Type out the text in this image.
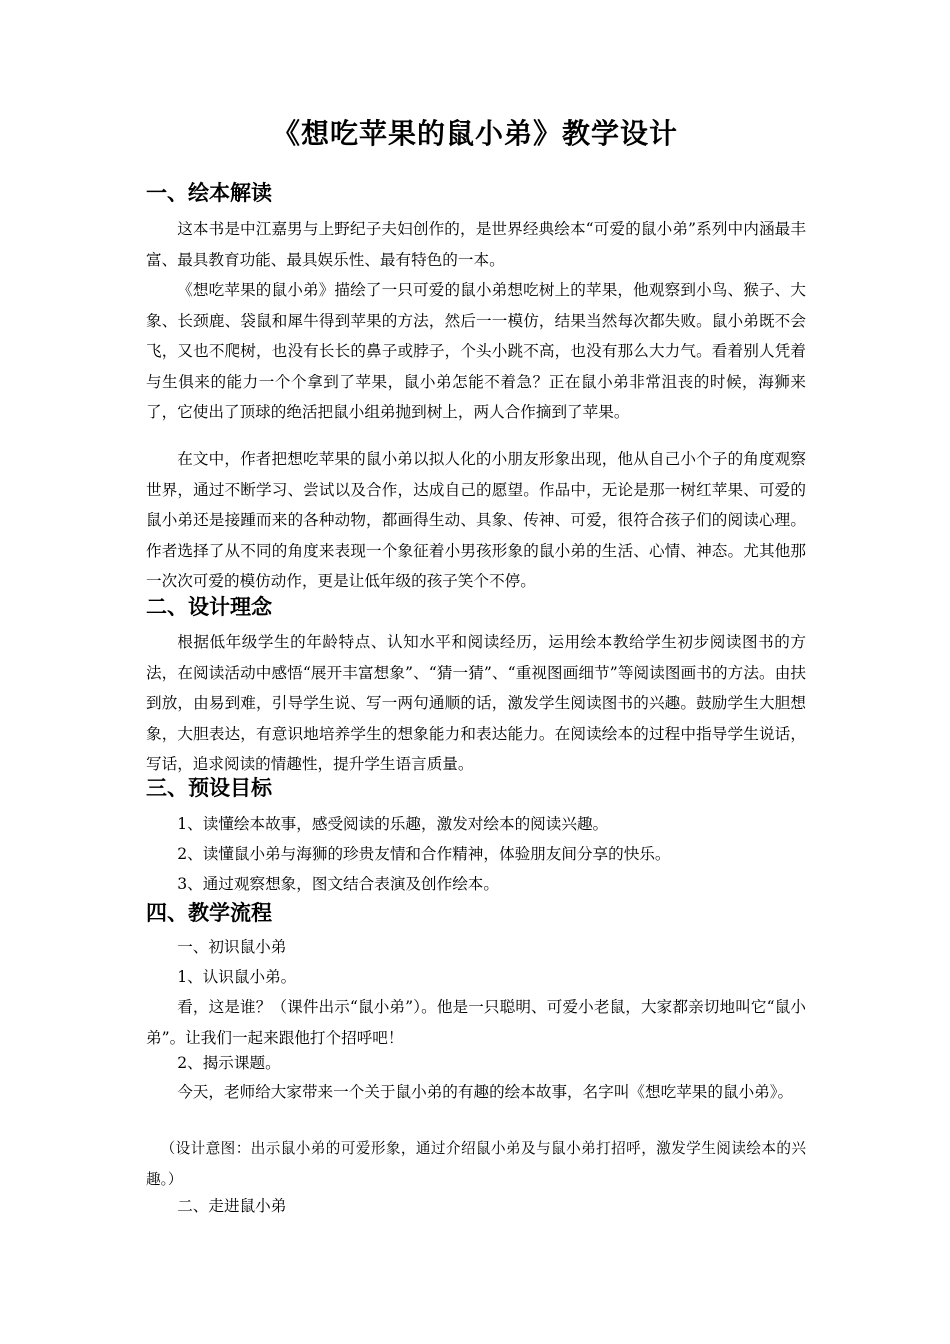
《想吃苹果的鼠小弟》教学设计
一、绘本解读
这本书是中江嘉男与上野纪子夫妇创作的，是世界经典绘本“可爱的鼠小弟”系列中内涵最丰富、最具教育功能、最具娱乐性、最有特色的一本。
《想吃苹果的鼠小弟》描绘了一只可爱的鼠小弟想吃树上的苹果，他观察到小鸟、猴子、大象、长颈鹿、袋鼠和犀牛得到苹果的方法，然后一一模仿，结果当然每次都失败。鼠小弟既不会飞，又也不爬树，也没有长长的鼻子或脖子，个头小跳不高，也没有那么大力气。看着别人凭着与生俱来的能力一个个拿到了苹果，鼠小弟怎能不着急？正在鼠小弟非常沮丧的时候，海狮来了，它使出了顶球的绝活把鼠小组弟抛到树上，两人合作摘到了苹果。
在文中，作者把想吃苹果的鼠小弟以拟人化的小朋友形象出现，他从自己小个子的角度观察世界，通过不断学习、尝试以及合作，达成自己的愿望。作品中，无论是那一树红苹果、可爱的鼠小弟还是接踵而来的各种动物，都画得生动、具象、传神、可爱，很符合孩子们的阅读心理。作者选择了从不同的角度来表现一个象征着小男孩形象的鼠小弟的生活、心情、神态。尤其他那一次次可爱的模仿动作，更是让低年级的孩子笑个不停。
二、设计理念
根据低年级学生的年龄特点、认知水平和阅读经历，运用绘本教给学生初步阅读图书的方法，在阅读活动中感悟“展开丰富想象”、“猜一猜”、“重视图画细节”等阅读图画书的方法。由扶到放，由易到难，引导学生说、写一两句通顺的话，激发学生阅读图书的兴趣。鼓励学生大胆想象，大胆表达，有意识地培养学生的想象能力和表达能力。在阅读绘本的过程中指导学生说话，写话，追求阅读的情趣性，提升学生语言质量。
三、预设目标
1、读懂绘本故事，感受阅读的乐趣，激发对绘本的阅读兴趣。
2、读懂鼠小弟与海狮的珍贵友情和合作精神，体验朋友间分享的快乐。
3、通过观察想象，图文结合表演及创作绘本。
四、教学流程
一、初识鼠小弟
1、认识鼠小弟。
看，这是谁？（课件出示“鼠小弟”）。他是一只聪明、可爱小老鼠，大家都亲切地叫它“鼠小弟”。让我们一起来跟他打个招呼吧！
2、揭示课题。
今天，老师给大家带来一个关于鼠小弟的有趣的绘本故事，名字叫《想吃苹果的鼠小弟》。
（设计意图：出示鼠小弟的可爱形象，通过介绍鼠小弟及与鼠小弟打招呼，激发学生阅读绘本的兴趣。）
二、走进鼠小弟
